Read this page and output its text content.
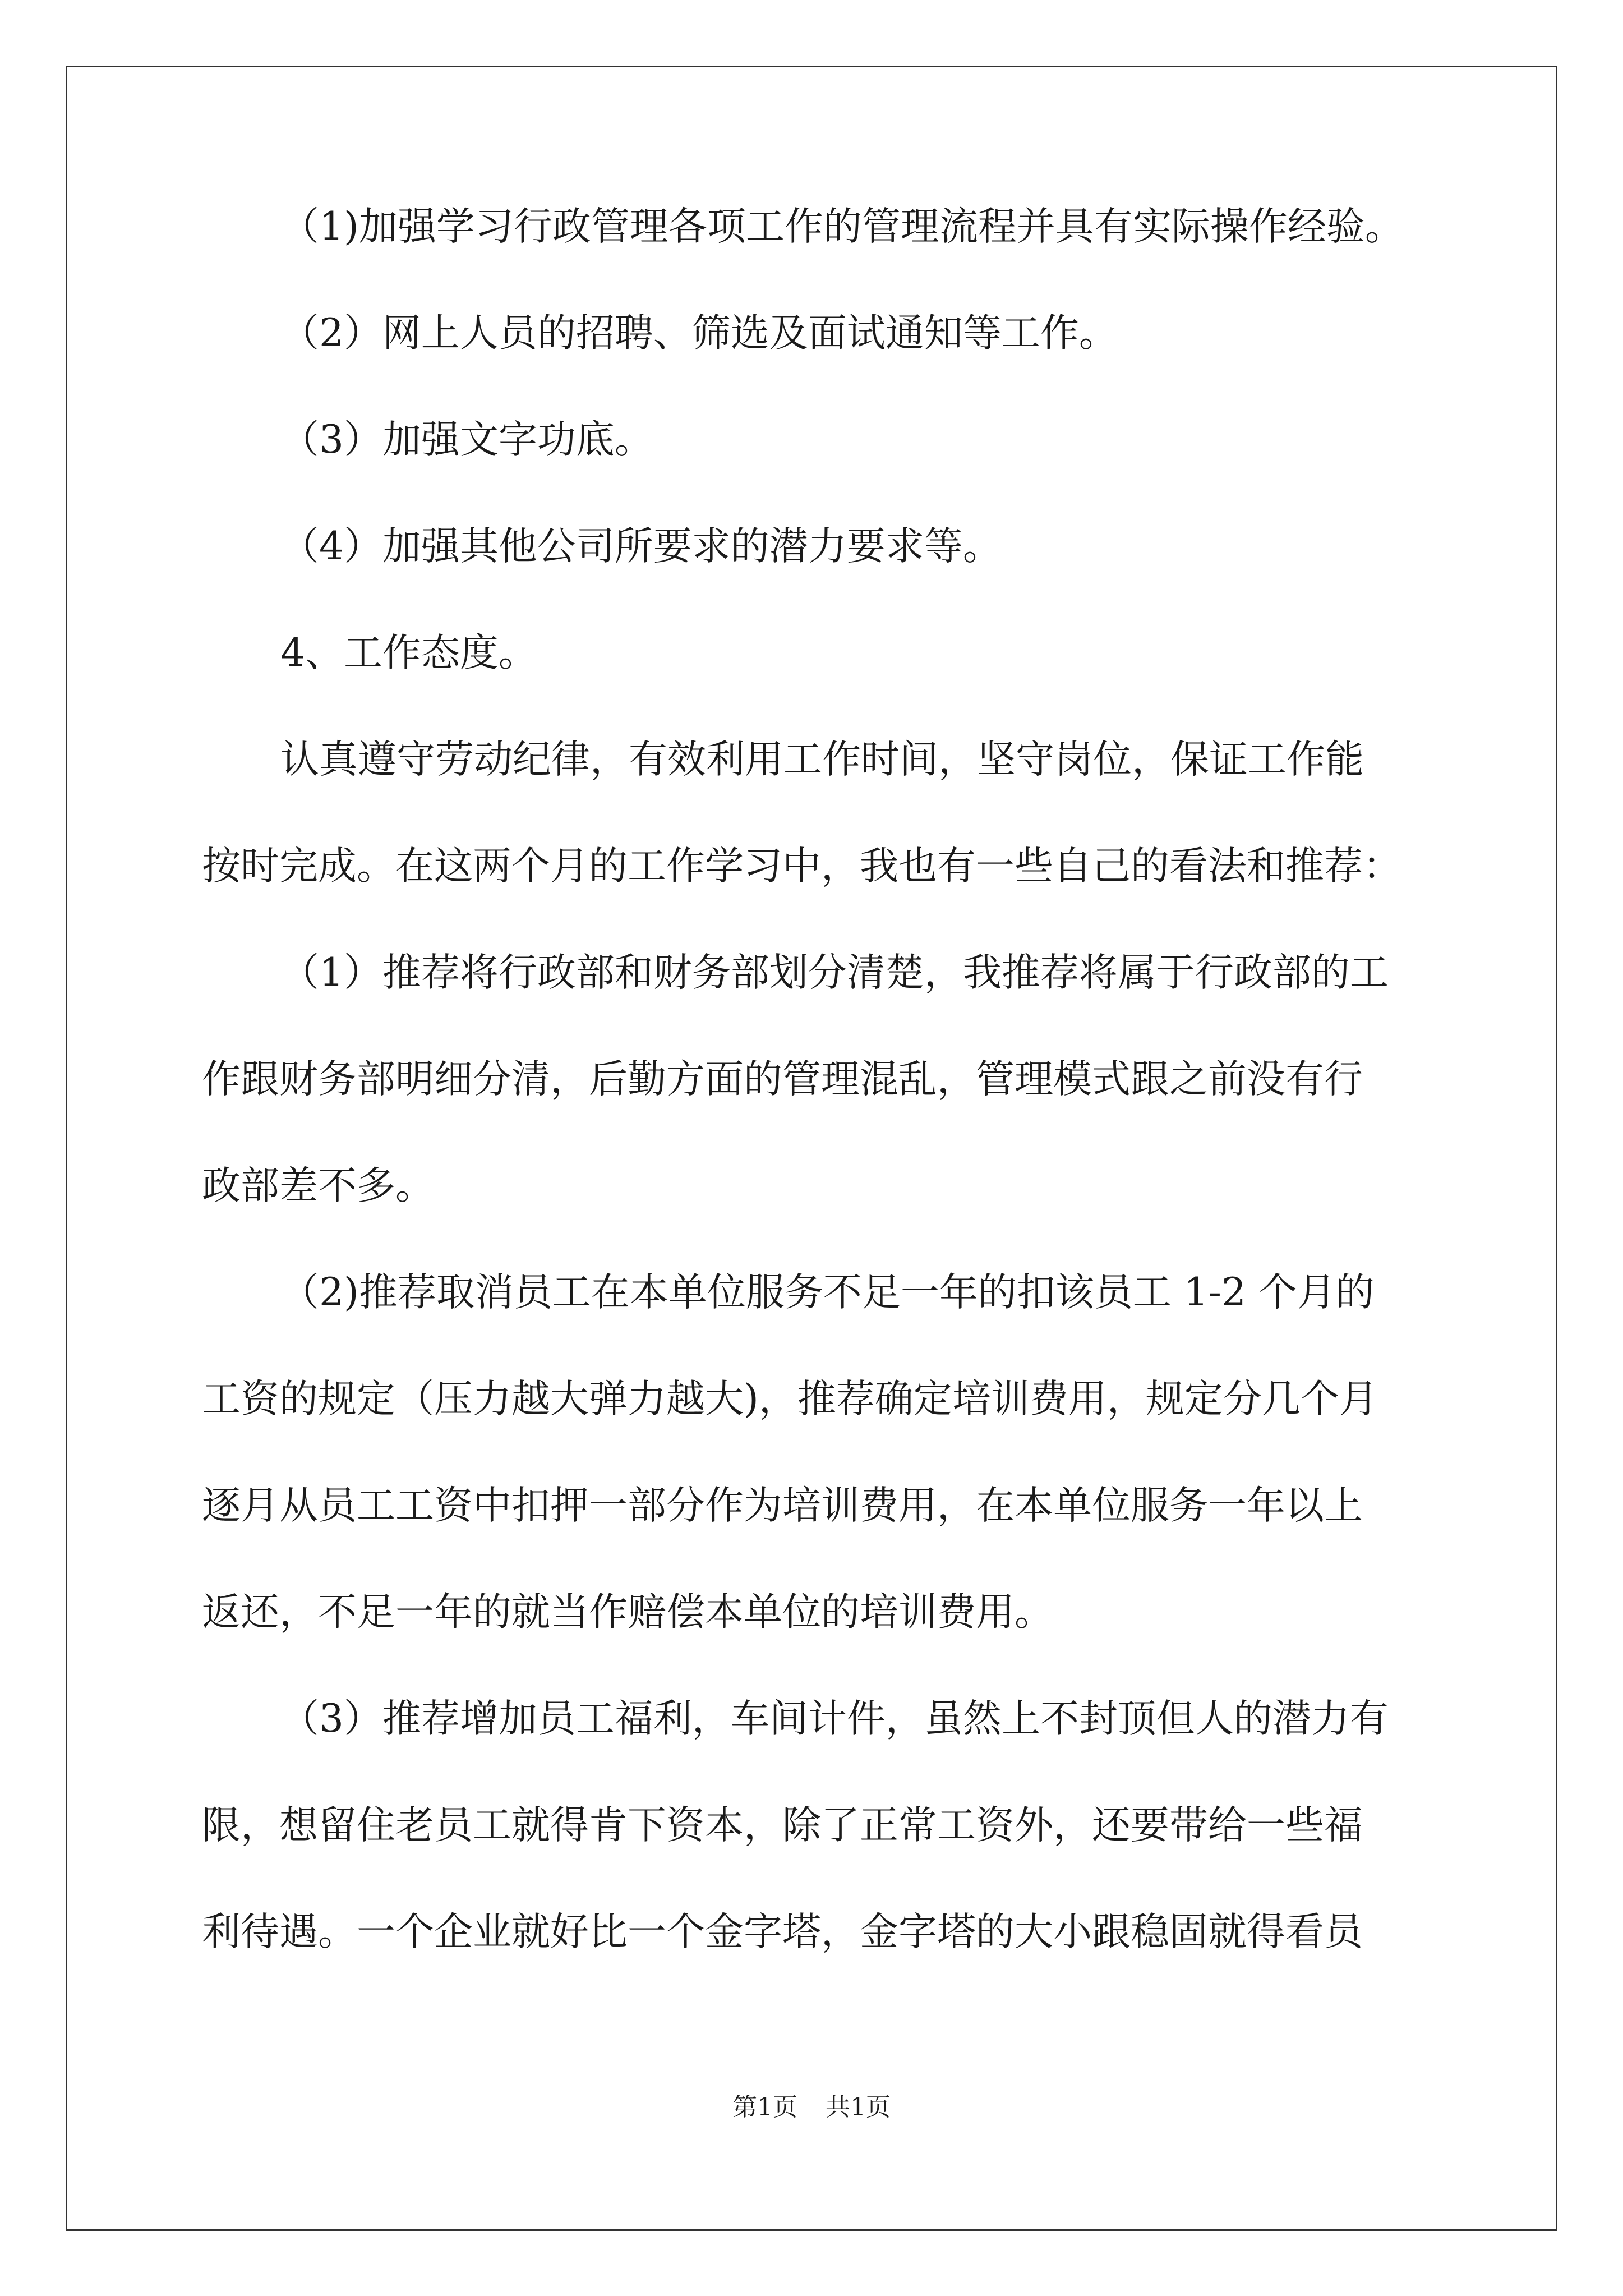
（1)加强学习行政管理各项工作的管理流程并具有实际操作经验。
（2）网上人员的招聘、筛选及面试通知等工作。
（3）加强文字功底。
（4）加强其他公司所要求的潜力要求等。
4、工作态度。
认真遵守劳动纪律，有效利用工作时间，坚守岗位，保证工作能
按时完成。在这两个月的工作学习中，我也有一些自己的看法和推荐：
（1）推荐将行政部和财务部划分清楚，我推荐将属于行政部的工
作跟财务部明细分清，后勤方面的管理混乱，管理模式跟之前没有行
政部差不多。
（2)推荐取消员工在本单位服务不足一年的扣该员工 1-2 个月的
工资的规定（压力越大弹力越大)，推荐确定培训费用，规定分几个月
逐月从员工工资中扣押一部分作为培训费用，在本单位服务一年以上
返还，不足一年的就当作赔偿本单位的培训费用。
（3）推荐增加员工福利，车间计件，虽然上不封顶但人的潜力有
限，想留住老员工就得肯下资本，除了正常工资外，还要带给一些福
利待遇。一个企业就好比一个金字塔，金字塔的大小跟稳固就得看员
第1页 共1页
